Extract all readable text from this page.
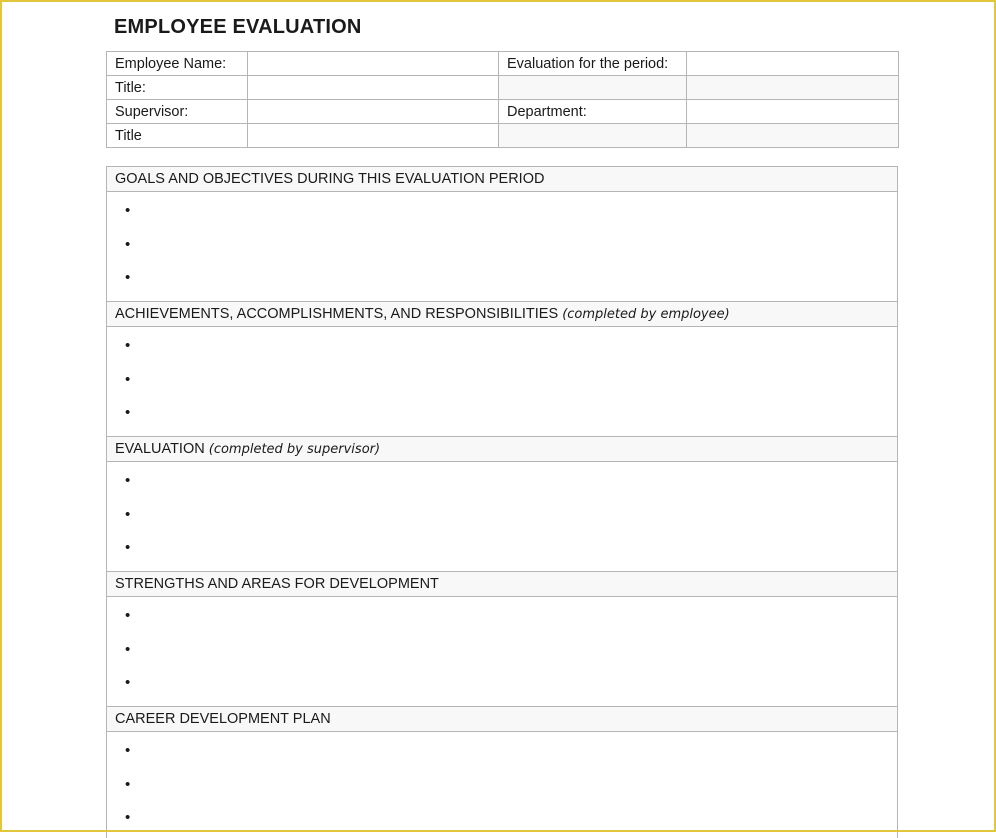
EMPLOYEE EVALUATION
Employee Name:		Evaluation for the period:	
Title:			
Supervisor:		Department:	
Title			
GOALS AND OBJECTIVES DURING THIS EVALUATION PERIOD
•
•
•
ACHIEVEMENTS, ACCOMPLISHMENTS, AND RESPONSIBILITIES (completed by employee)
•
•
•
EVALUATION (completed by supervisor)
•
•
•
STRENGTHS AND AREAS FOR DEVELOPMENT
•
•
•
CAREER DEVELOPMENT PLAN
•
•
•
